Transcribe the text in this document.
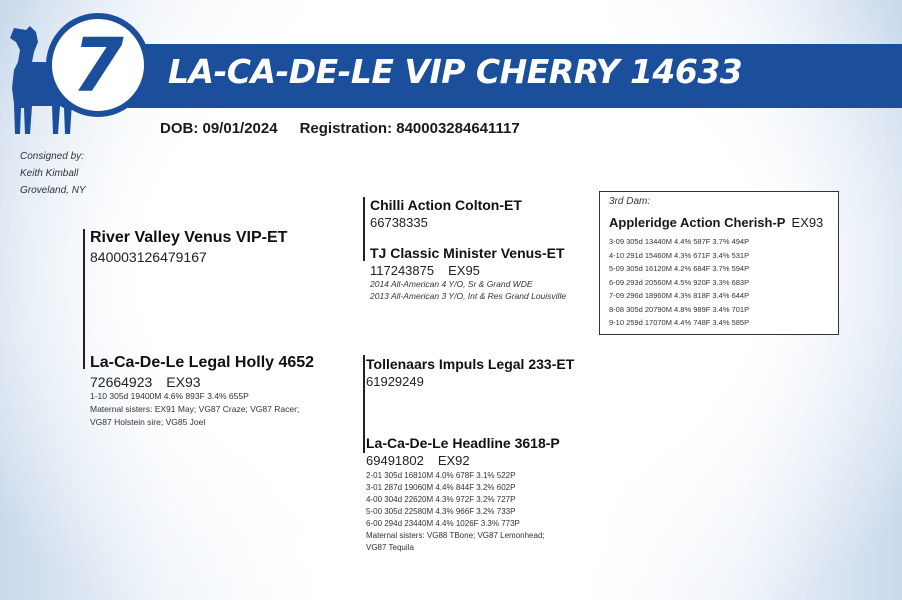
LA-CA-DE-LE VIP CHERRY 14633
7
DOB: 09/01/2024 Registration: 840003284641117
Consigned by:
Keith Kimball
Groveland, NY
River Valley Venus VIP-ET
840003126479167
Chilli Action Colton-ET
66738335
TJ Classic Minister Venus-ET
117243875 EX95
2014 All-American 4 Y/O, Sr & Grand WDE
2013 All-American 3 Y/O, Int & Res Grand Louisville
La-Ca-De-Le Legal Holly 4652
72664923 EX93
1-10 305d 19400M 4.6% 893F 3.4% 655P
Maternal sisters: EX91 May; VG87 Craze; VG87 Racer;
VG87 Holstein sire; VG85 Joel
Tollenaars Impuls Legal 233-ET
61929249
La-Ca-De-Le Headline 3618-P
69491802 EX92
2-01 305d 16810M 4.0% 678F 3.1% 522P
3-01 287d 19060M 4.4% 844F 3.2% 602P
4-00 304d 22620M 4.3% 972F 3.2% 727P
5-00 305d 22580M 4.3% 966F 3.2% 733P
6-00 294d 23440M 4.4% 1026F 3.3% 773P
Maternal sisters: VG88 TBone; VG87 Lemonhead;
VG87 Tequila
3rd Dam:
Appleridge Action Cherish-P EX93
3-09 305d 13440M 4.4% 587F 3.7% 494P
4-10 291d 15460M 4.3% 671F 3.4% 531P
5-09 305d 16120M 4.2% 684F 3.7% 594P
6-09 293d 20560M 4.5% 920F 3.3% 683P
7-09 296d 18960M 4.3% 818F 3.4% 644P
8-08 305d 20790M 4.8% 989F 3.4% 701P
9-10 259d 17070M 4.4% 748F 3.4% 585P
